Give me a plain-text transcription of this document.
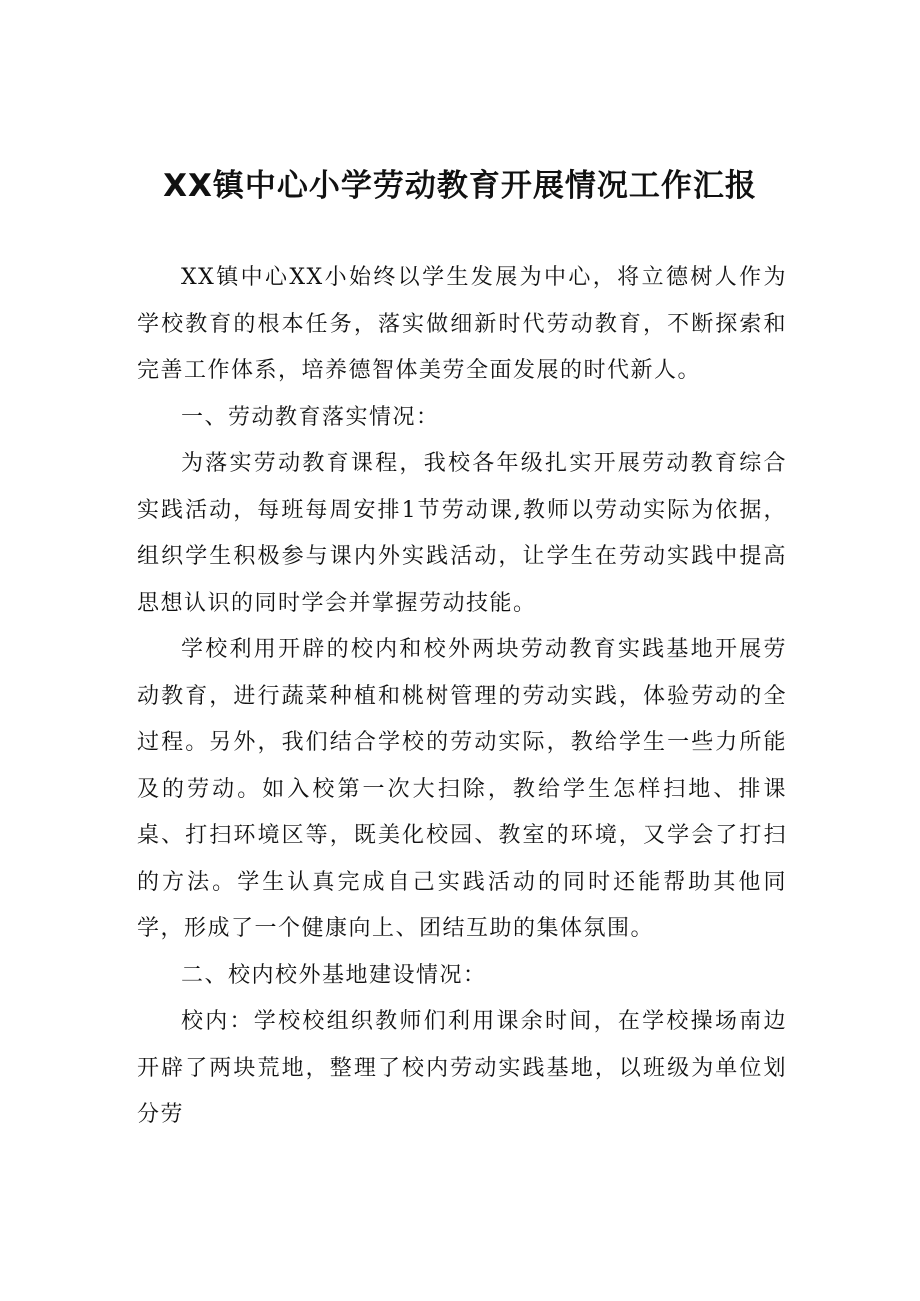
XX镇中心小学劳动教育开展情况工作汇报

XX镇中心XX小始终以学生发展为中心，将立德树人作为学校教育的根本任务，落实做细新时代劳动教育，不断探索和完善工作体系，培养德智体美劳全面发展的时代新人。

一、劳动教育落实情况：

为落实劳动教育课程，我校各年级扎实开展劳动教育综合实践活动，每班每周安排1节劳动课,教师以劳动实际为依据，组织学生积极参与课内外实践活动，让学生在劳动实践中提高思想认识的同时学会并掌握劳动技能。

学校利用开辟的校内和校外两块劳动教育实践基地开展劳动教育，进行蔬菜种植和桃树管理的劳动实践，体验劳动的全过程。另外，我们结合学校的劳动实际，教给学生一些力所能及的劳动。如入校第一次大扫除，教给学生怎样扫地、排课桌、打扫环境区等，既美化校园、教室的环境，又学会了打扫的方法。学生认真完成自己实践活动的同时还能帮助其他同学，形成了一个健康向上、团结互助的集体氛围。

二、校内校外基地建设情况：

校内：学校校组织教师们利用课余时间，在学校操场南边开辟了两块荒地，整理了校内劳动实践基地，以班级为单位划分劳
